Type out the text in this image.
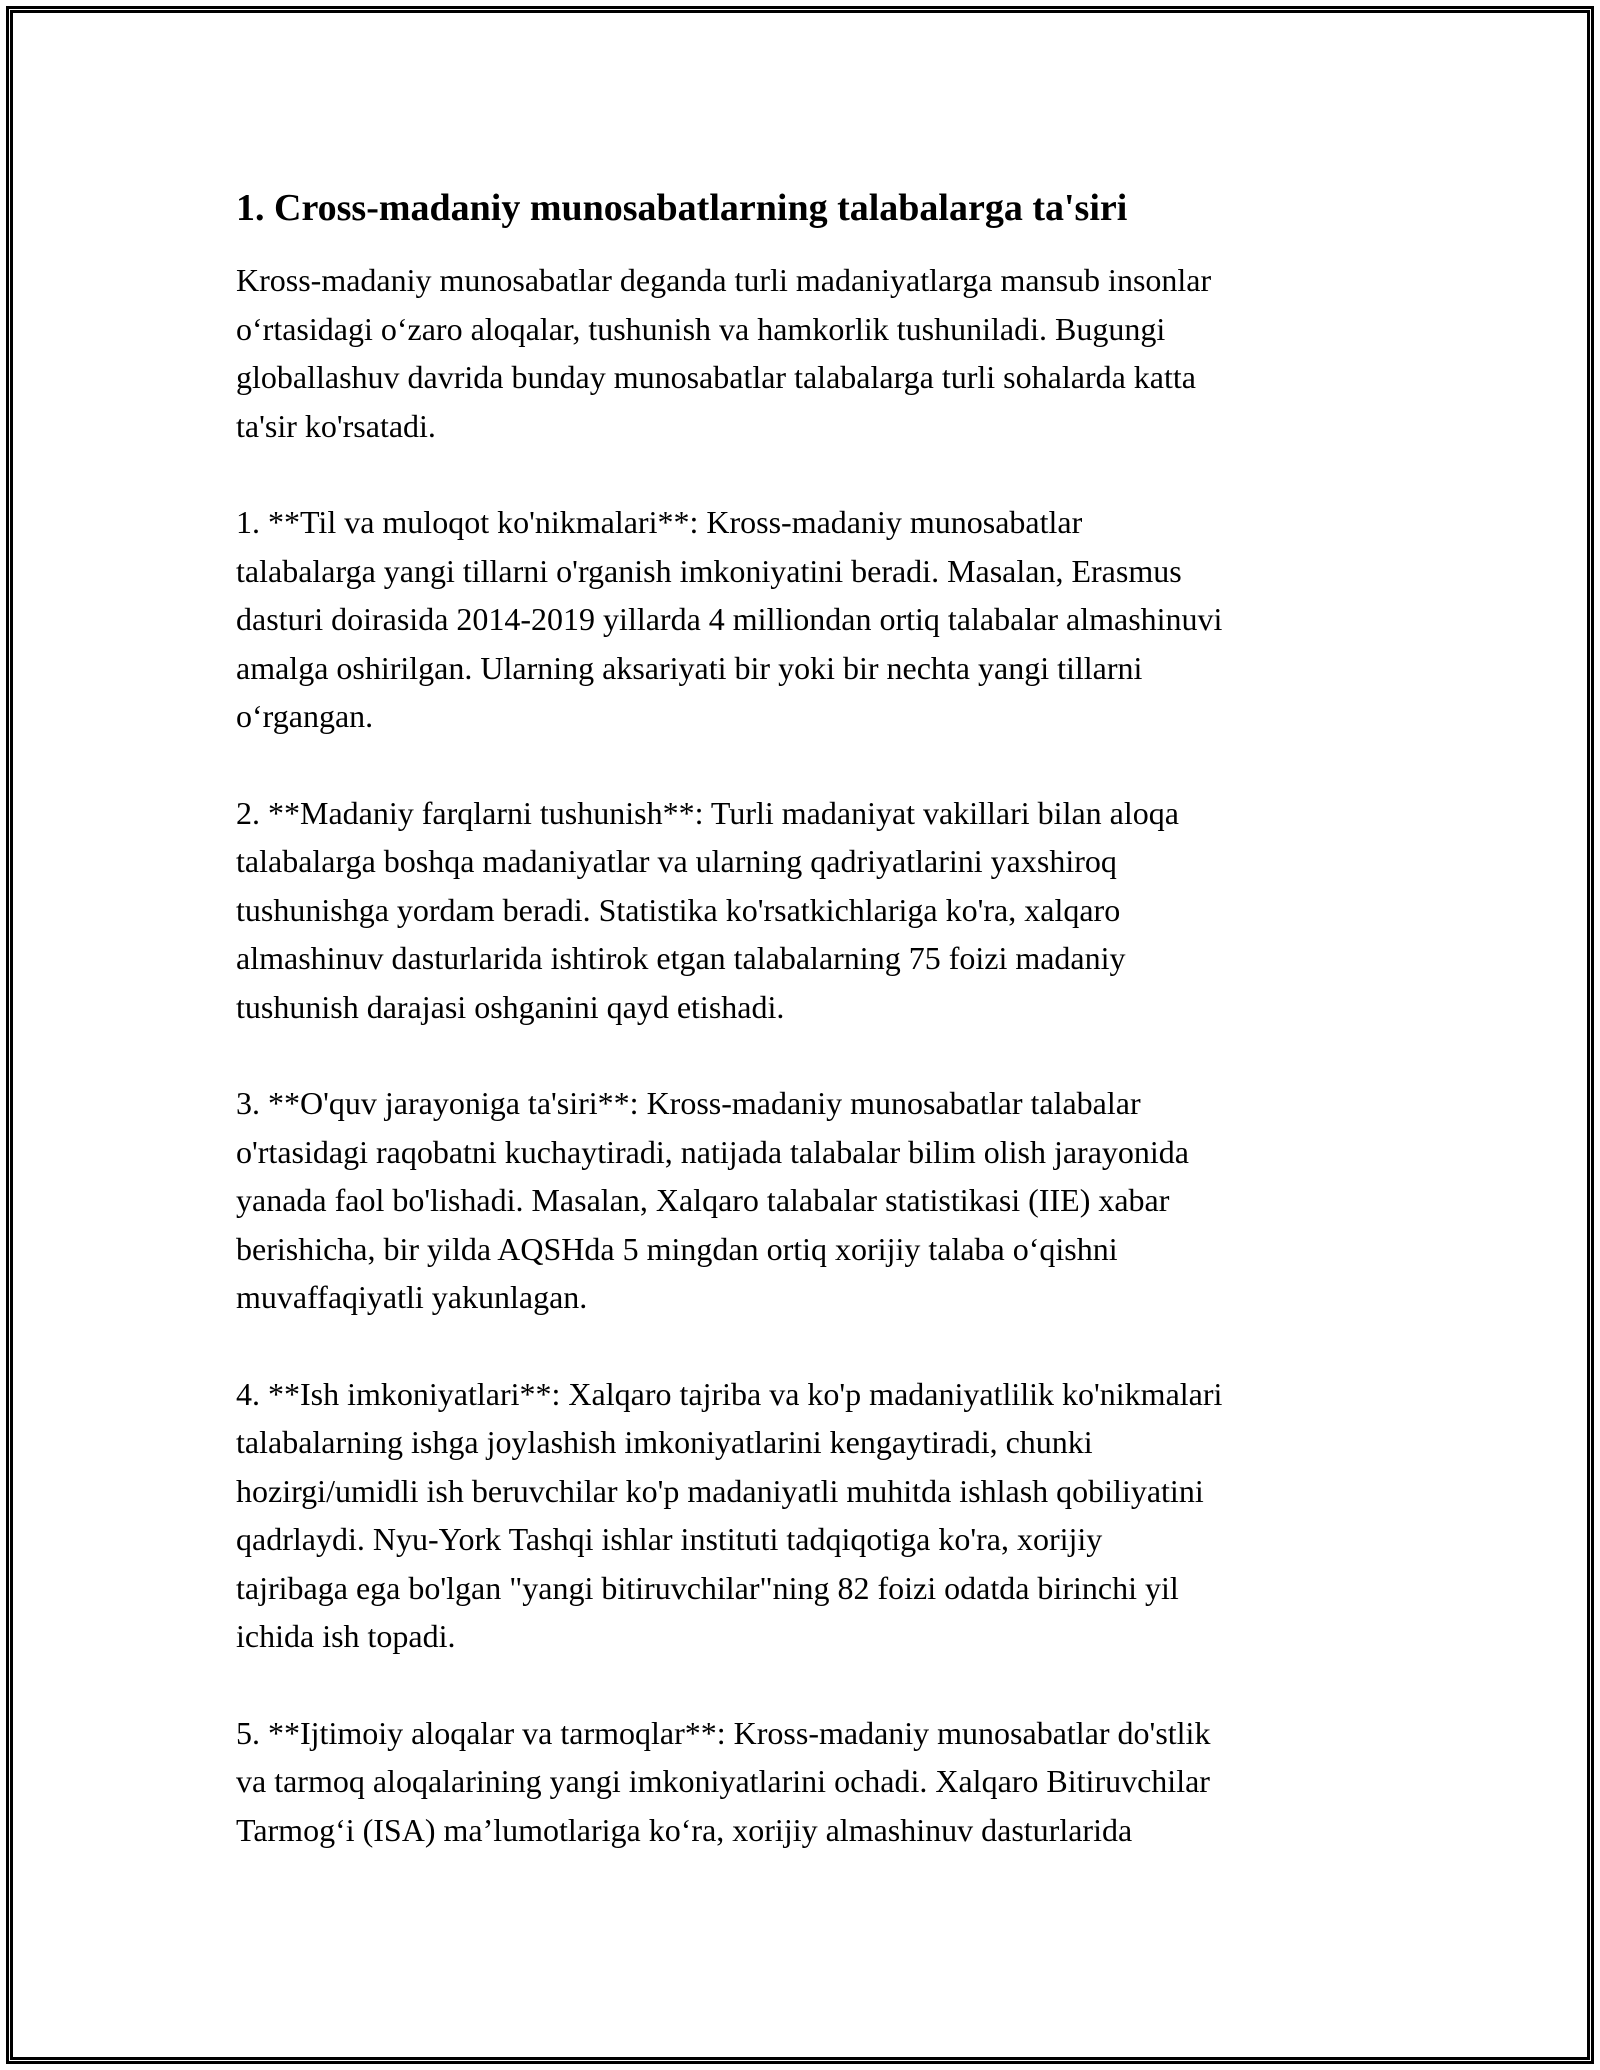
1. Cross-madaniy munosabatlarning talabalarga ta'siri

Kross-madaniy munosabatlar deganda turli madaniyatlarga mansub insonlar
o‘rtasidagi o‘zaro aloqalar, tushunish va hamkorlik tushuniladi. Bugungi
globallashuv davrida bunday munosabatlar talabalarga turli sohalarda katta
ta'sir ko'rsatadi.

1. **Til va muloqot ko'nikmalari**: Kross-madaniy munosabatlar
talabalarga yangi tillarni o'rganish imkoniyatini beradi. Masalan, Erasmus
dasturi doirasida 2014-2019 yillarda 4 milliondan ortiq talabalar almashinuvi
amalga oshirilgan. Ularning aksariyati bir yoki bir nechta yangi tillarni
o‘rgangan.

2. **Madaniy farqlarni tushunish**: Turli madaniyat vakillari bilan aloqa
talabalarga boshqa madaniyatlar va ularning qadriyatlarini yaxshiroq
tushunishga yordam beradi. Statistika ko'rsatkichlariga ko'ra, xalqaro
almashinuv dasturlarida ishtirok etgan talabalarning 75 foizi madaniy
tushunish darajasi oshganini qayd etishadi.

3. **O'quv jarayoniga ta'siri**: Kross-madaniy munosabatlar talabalar
o'rtasidagi raqobatni kuchaytiradi, natijada talabalar bilim olish jarayonida
yanada faol bo'lishadi. Masalan, Xalqaro talabalar statistikasi (IIE) xabar
berishicha, bir yilda AQSHda 5 mingdan ortiq xorijiy talaba o‘qishni
muvaffaqiyatli yakunlagan.

4. **Ish imkoniyatlari**: Xalqaro tajriba va ko'p madaniyatlilik ko'nikmalari
talabalarning ishga joylashish imkoniyatlarini kengaytiradi, chunki
hozirgi/umidli ish beruvchilar ko'p madaniyatli muhitda ishlash qobiliyatini
qadrlaydi. Nyu-York Tashqi ishlar instituti tadqiqotiga ko'ra, xorijiy
tajribaga ega bo'lgan "yangi bitiruvchilar"ning 82 foizi odatda birinchi yil
ichida ish topadi.

5. **Ijtimoiy aloqalar va tarmoqlar**: Kross-madaniy munosabatlar do'stlik
va tarmoq aloqalarining yangi imkoniyatlarini ochadi. Xalqaro Bitiruvchilar
Tarmog‘i (ISA) ma’lumotlariga ko‘ra, xorijiy almashinuv dasturlarida
